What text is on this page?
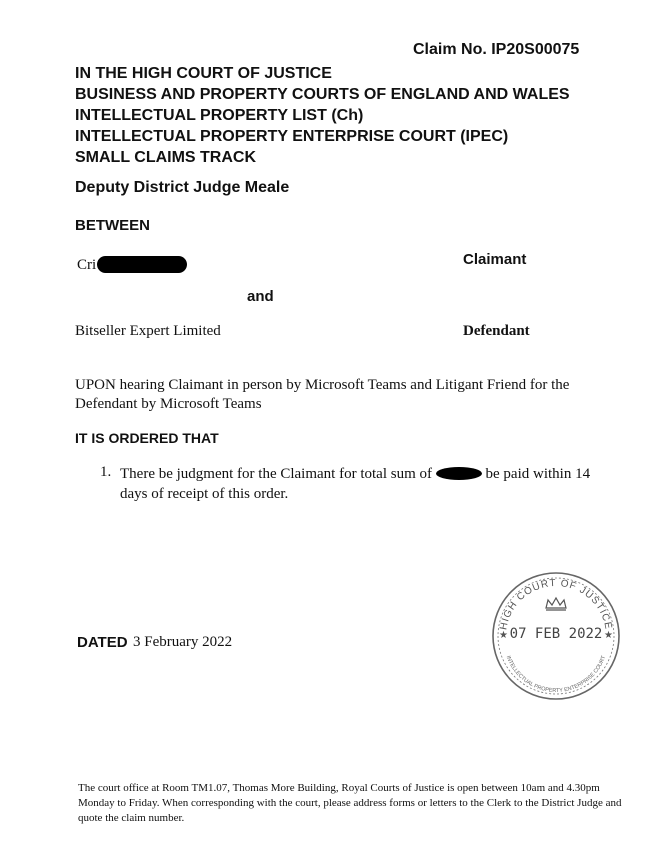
Claim No. IP20S00075
IN THE HIGH COURT OF JUSTICE
BUSINESS AND PROPERTY COURTS OF ENGLAND AND WALES
INTELLECTUAL PROPERTY LIST (Ch)
INTELLECTUAL PROPERTY ENTERPRISE COURT (IPEC)
SMALL CLAIMS TRACK
Deputy District Judge Meale
BETWEEN
Cri	Claimant
and
Bitseller Expert Limited	Defendant
UPON hearing Claimant in person by Microsoft Teams and Litigant Friend for the Defendant by Microsoft Teams
IT IS ORDERED THAT
1. There be judgment for the Claimant for total sum of	be paid within 14 days of receipt of this order.
DATED 3 February 2022
HIGH COURT OF JUSTICE
07 FEB 2022
★	★
INTELLECTUAL PROPERTY ENTERPRISE COURT
The court office at Room TM1.07, Thomas More Building, Royal Courts of Justice is open between 10am and 4.30pm Monday to Friday. When corresponding with the court, please address forms or letters to the Clerk to the District Judge and quote the claim number.
